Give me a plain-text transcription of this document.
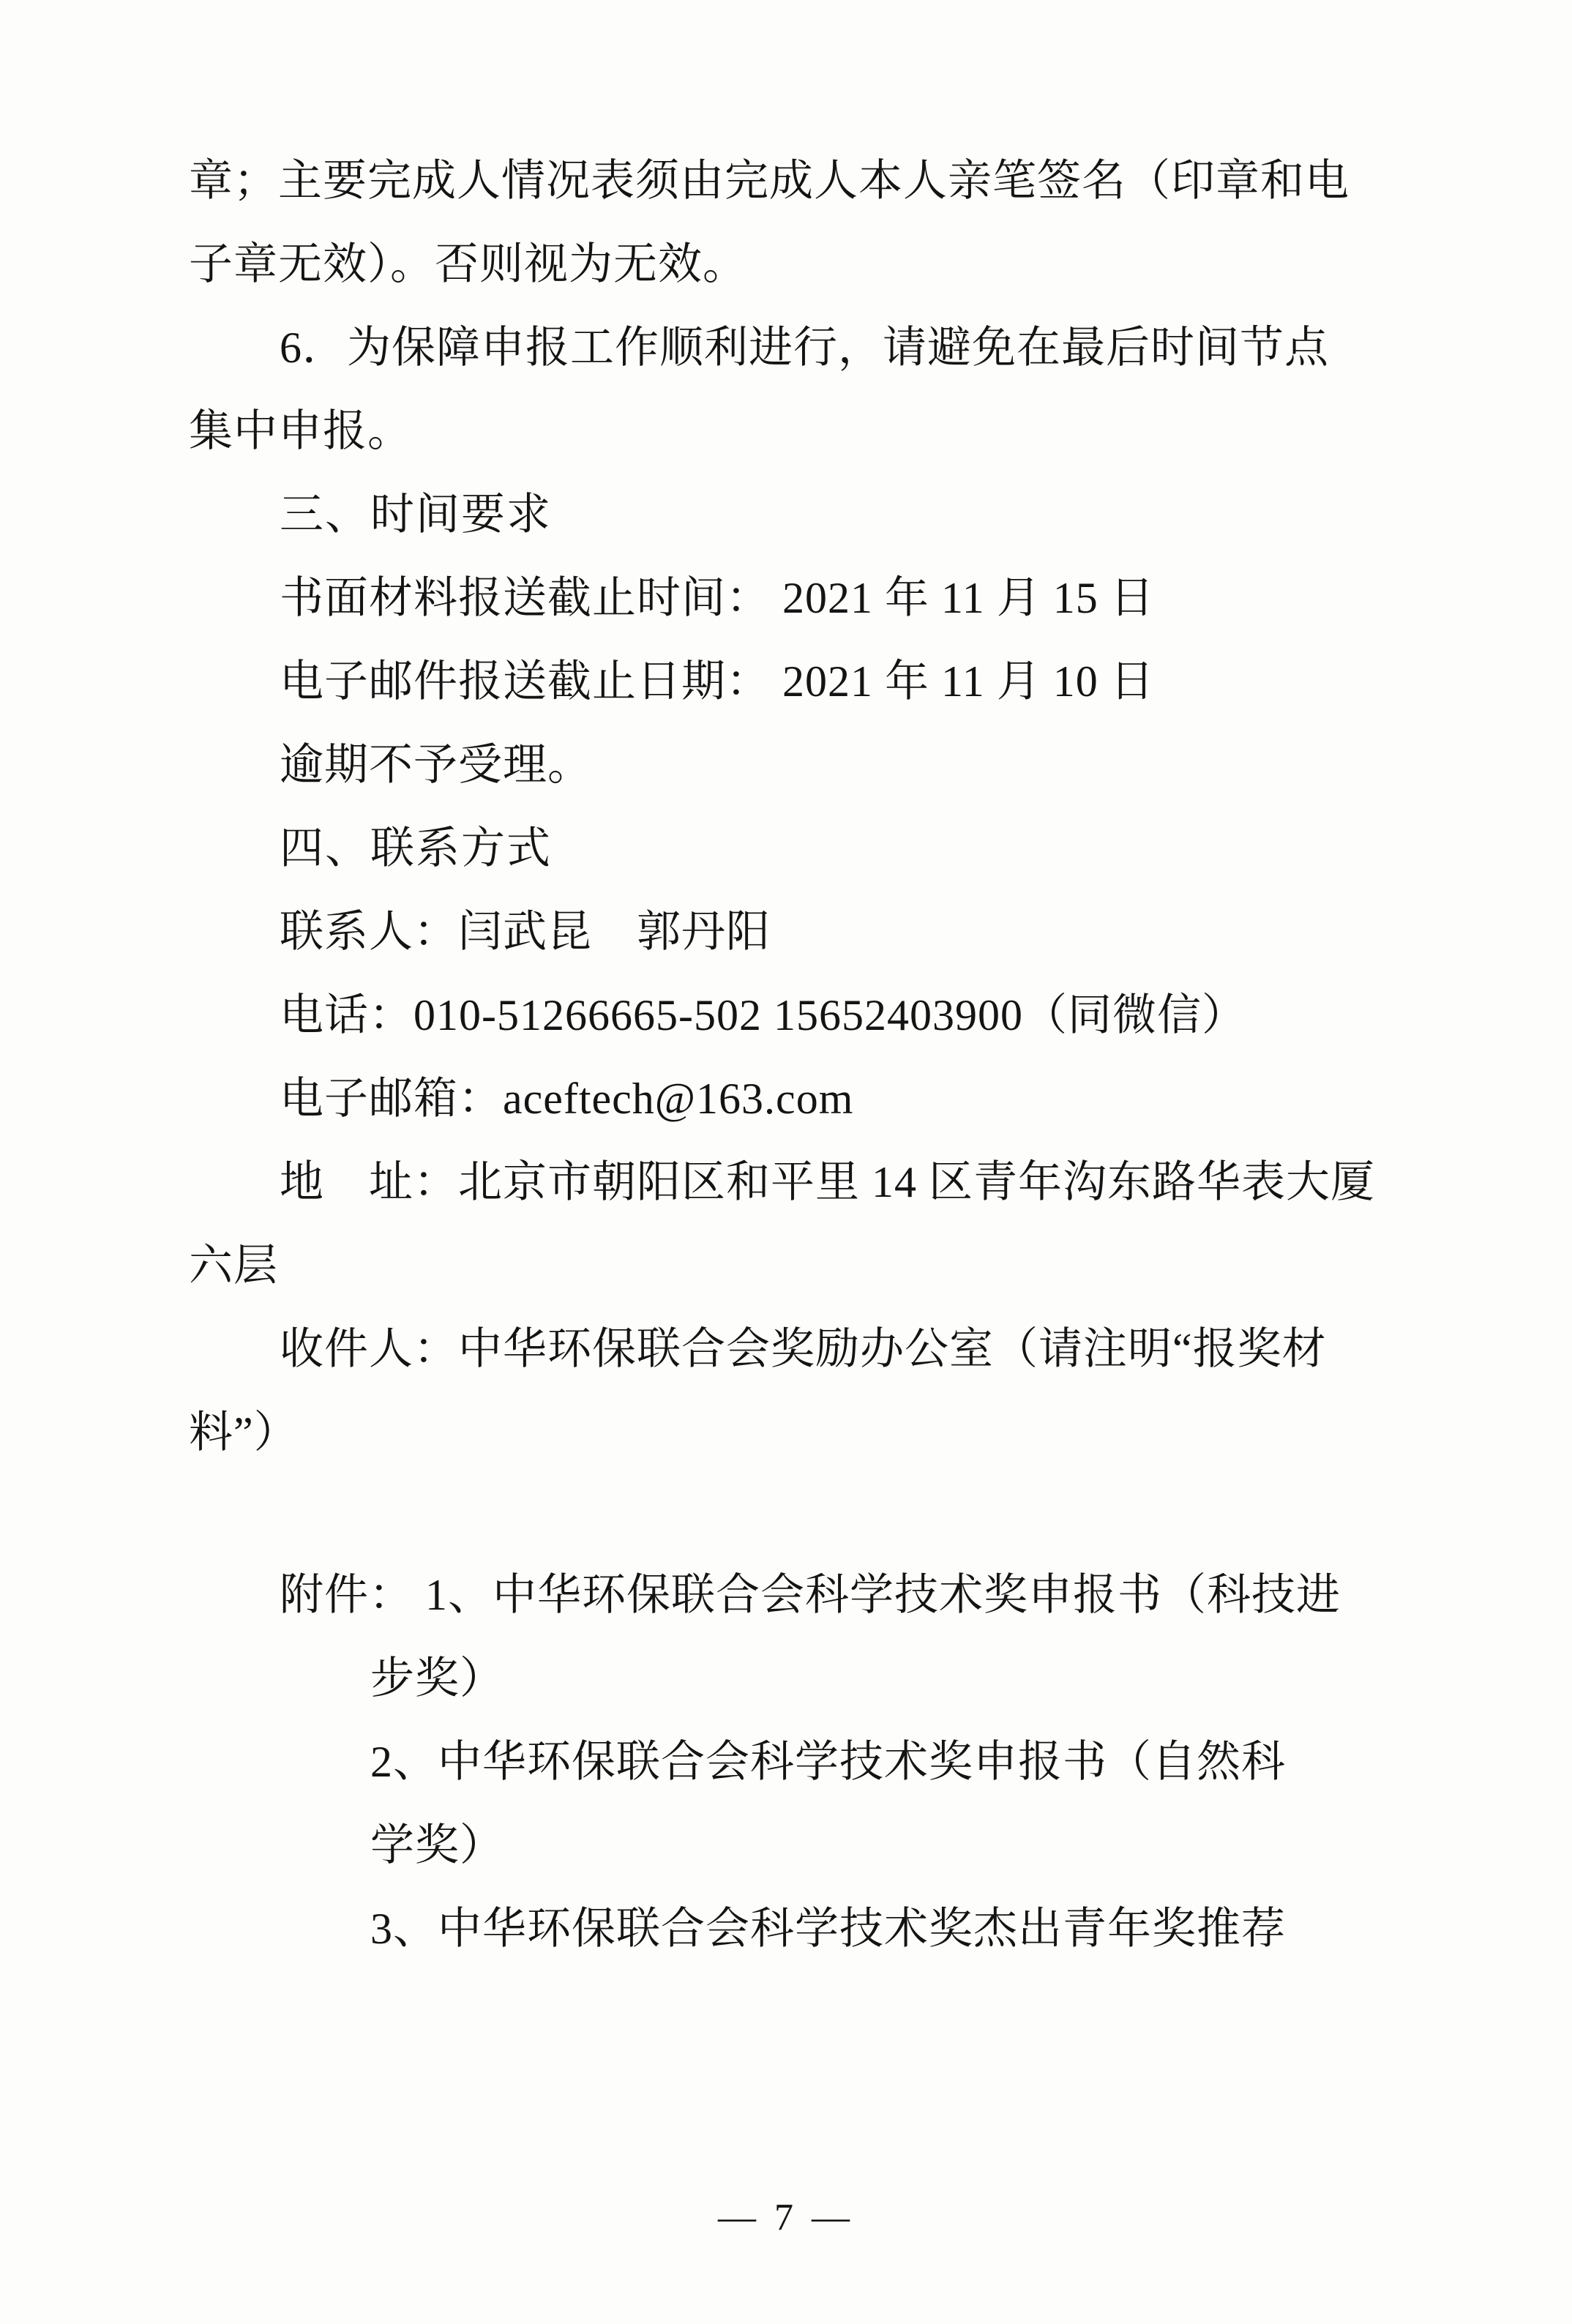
章；主要完成人情况表须由完成人本人亲笔签名（印章和电
子章无效）。否则视为无效。
6．为保障申报工作顺利进行，请避免在最后时间节点
集中申报。
三、时间要求
书面材料报送截止时间： 2021 年 11 月 15 日
电子邮件报送截止日期： 2021 年 11 月 10 日
逾期不予受理。
四、联系方式
联系人：闫武昆　郭丹阳
电话：010-51266665-502 15652403900（同微信）
电子邮箱：aceftech@163.com
地　址：北京市朝阳区和平里 14 区青年沟东路华表大厦
六层
收件人：中华环保联合会奖励办公室（请注明“报奖材
料”）
附件： 1、中华环保联合会科学技术奖申报书（科技进
步奖）
2、中华环保联合会科学技术奖申报书（自然科
学奖）
3、中华环保联合会科学技术奖杰出青年奖推荐
— 7 —
